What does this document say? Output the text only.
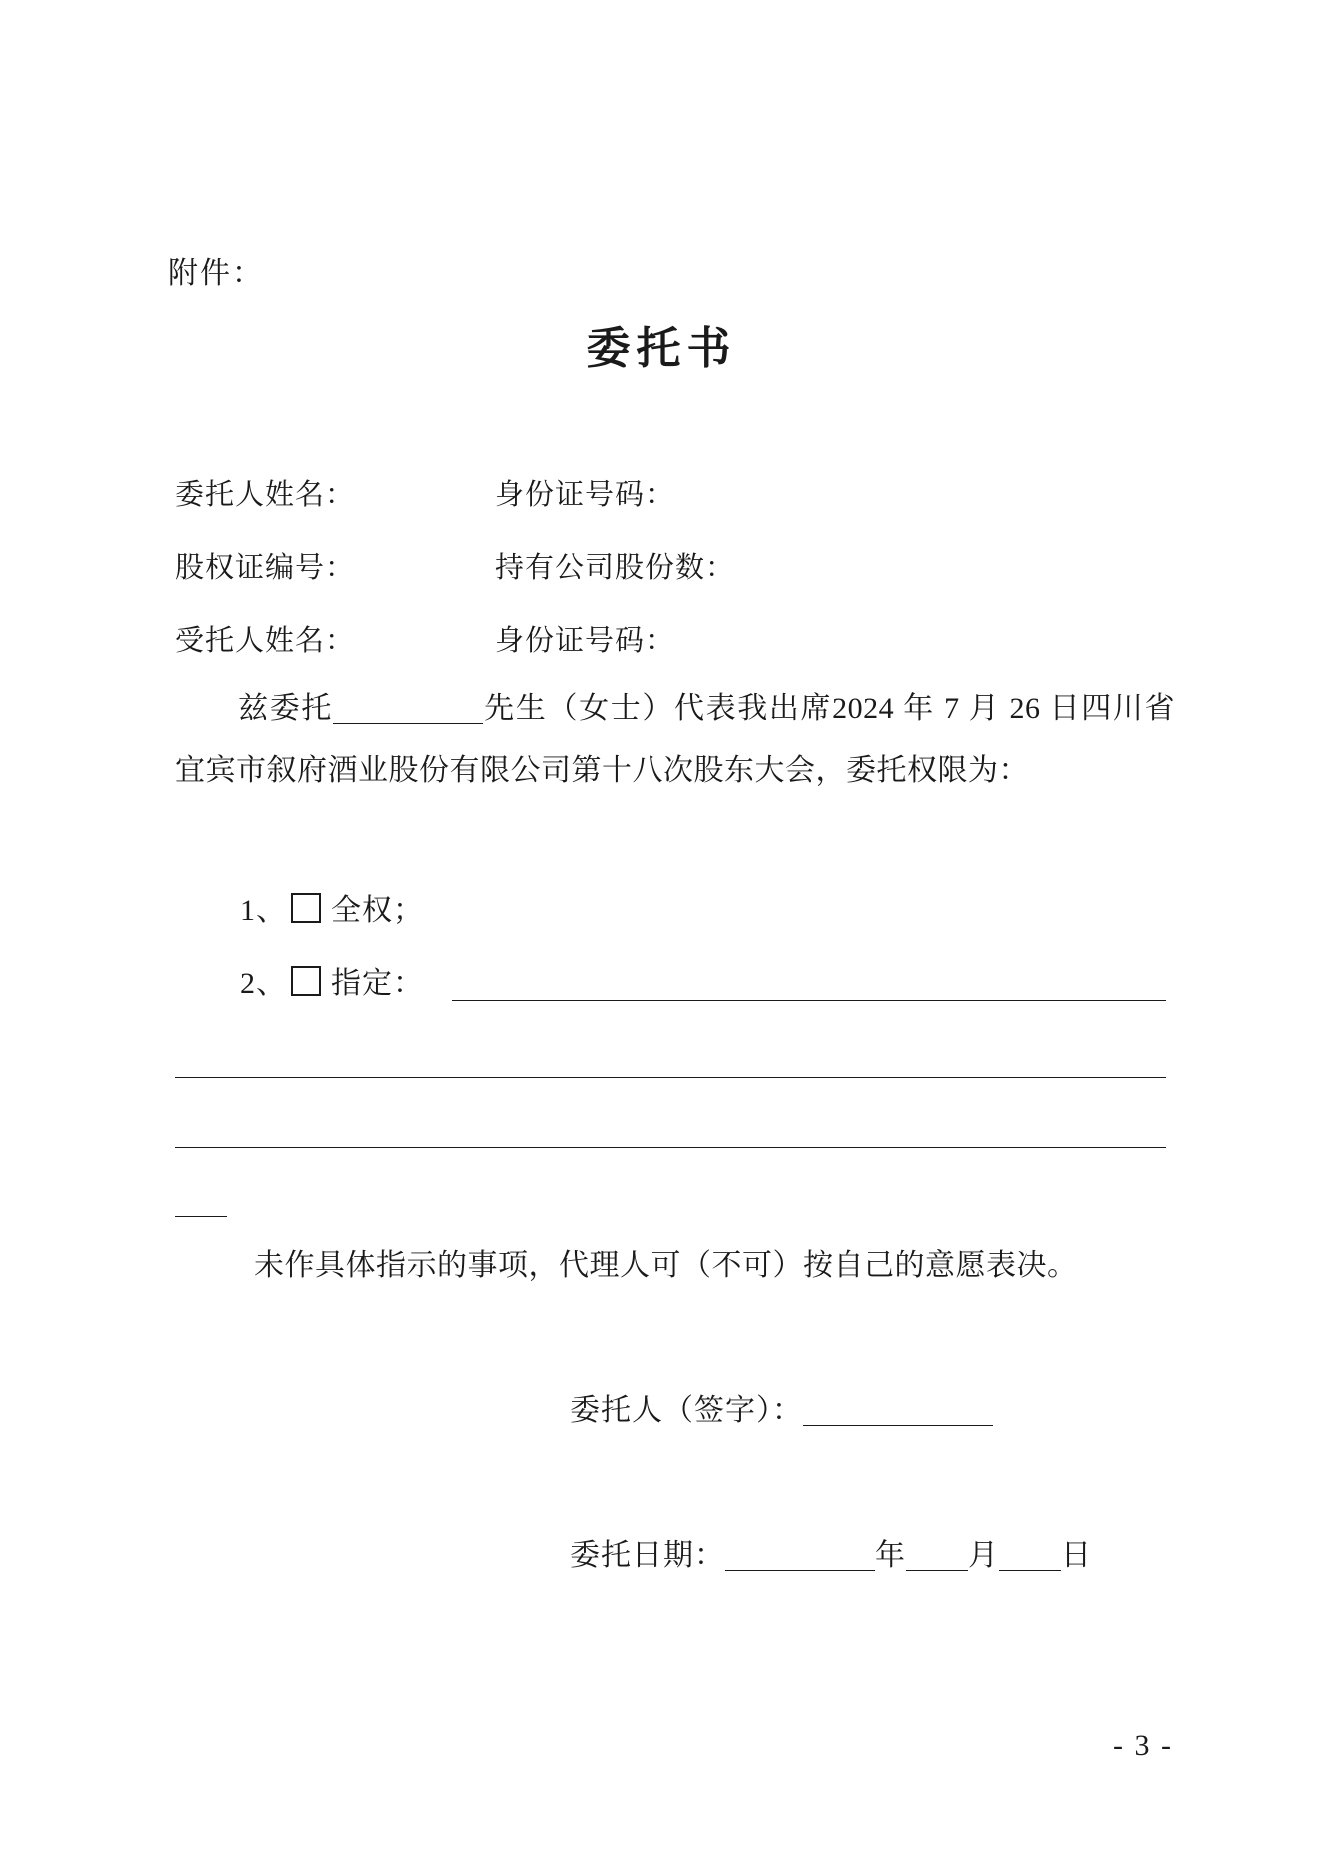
附件：
委托书
委托人姓名：	身份证号码：
股权证编号：	持有公司股份数：
受托人姓名：	身份证号码：
兹委托	先生（女士）代表我出席2024 年 7 月 26 日四川省宜宾市叙府酒业股份有限公司第十八次股东大会，委托权限为：
1、 全权；
2、 指定：
未作具体指示的事项，代理人可（不可）按自己的意愿表决。
委托人（签字）：
委托日期：	年 月 日
- 3 -
